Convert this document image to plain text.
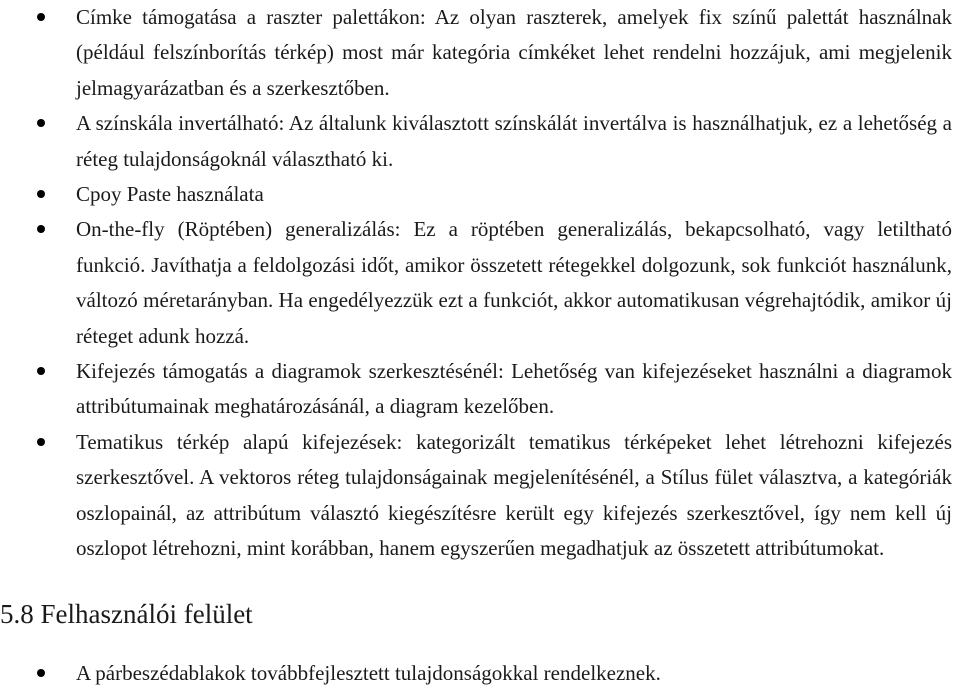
Címke támogatása a raszter palettákon: Az olyan raszterek, amelyek fix színű palettát használnak (például felszínborítás térkép) most már kategória címkéket lehet rendelni hozzájuk, ami megjelenik jelmagyarázatban és a szerkesztőben.
A színskála invertálható: Az általunk kiválasztott színskálát invertálva is használhatjuk, ez a lehetőség a réteg tulajdonságoknál választható ki.
Cpoy Paste használata
On-the-fly (Röptében) generalizálás: Ez a röptében generalizálás, bekapcsolható, vagy letiltható funkció. Javíthatja a feldolgozási időt, amikor összetett rétegekkel dolgozunk, sok funkciót használunk, változó méretarányban. Ha engedélyezzük ezt a funkciót, akkor automatikusan végrehajtódik, amikor új réteget adunk hozzá.
Kifejezés támogatás a diagramok szerkesztésénél: Lehetőség van kifejezéseket használni a diagramok attribútumainak meghatározásánál, a diagram kezelőben.
Tematikus térkép alapú kifejezések: kategorizált tematikus térképeket lehet létrehozni kifejezés szerkesztővel. A vektoros réteg tulajdonságainak megjelenítésénél, a Stílus fület választva, a kategóriák oszlopainál, az attribútum választó kiegészítésre került egy kifejezés szerkesztővel, így nem kell új oszlopot létrehozni, mint korábban, hanem egyszerűen megadhatjuk az összetett attribútumokat.
5.8 Felhasználói felület
A párbeszédablakok továbbfejlesztett tulajdonságokkal rendelkeznek.
